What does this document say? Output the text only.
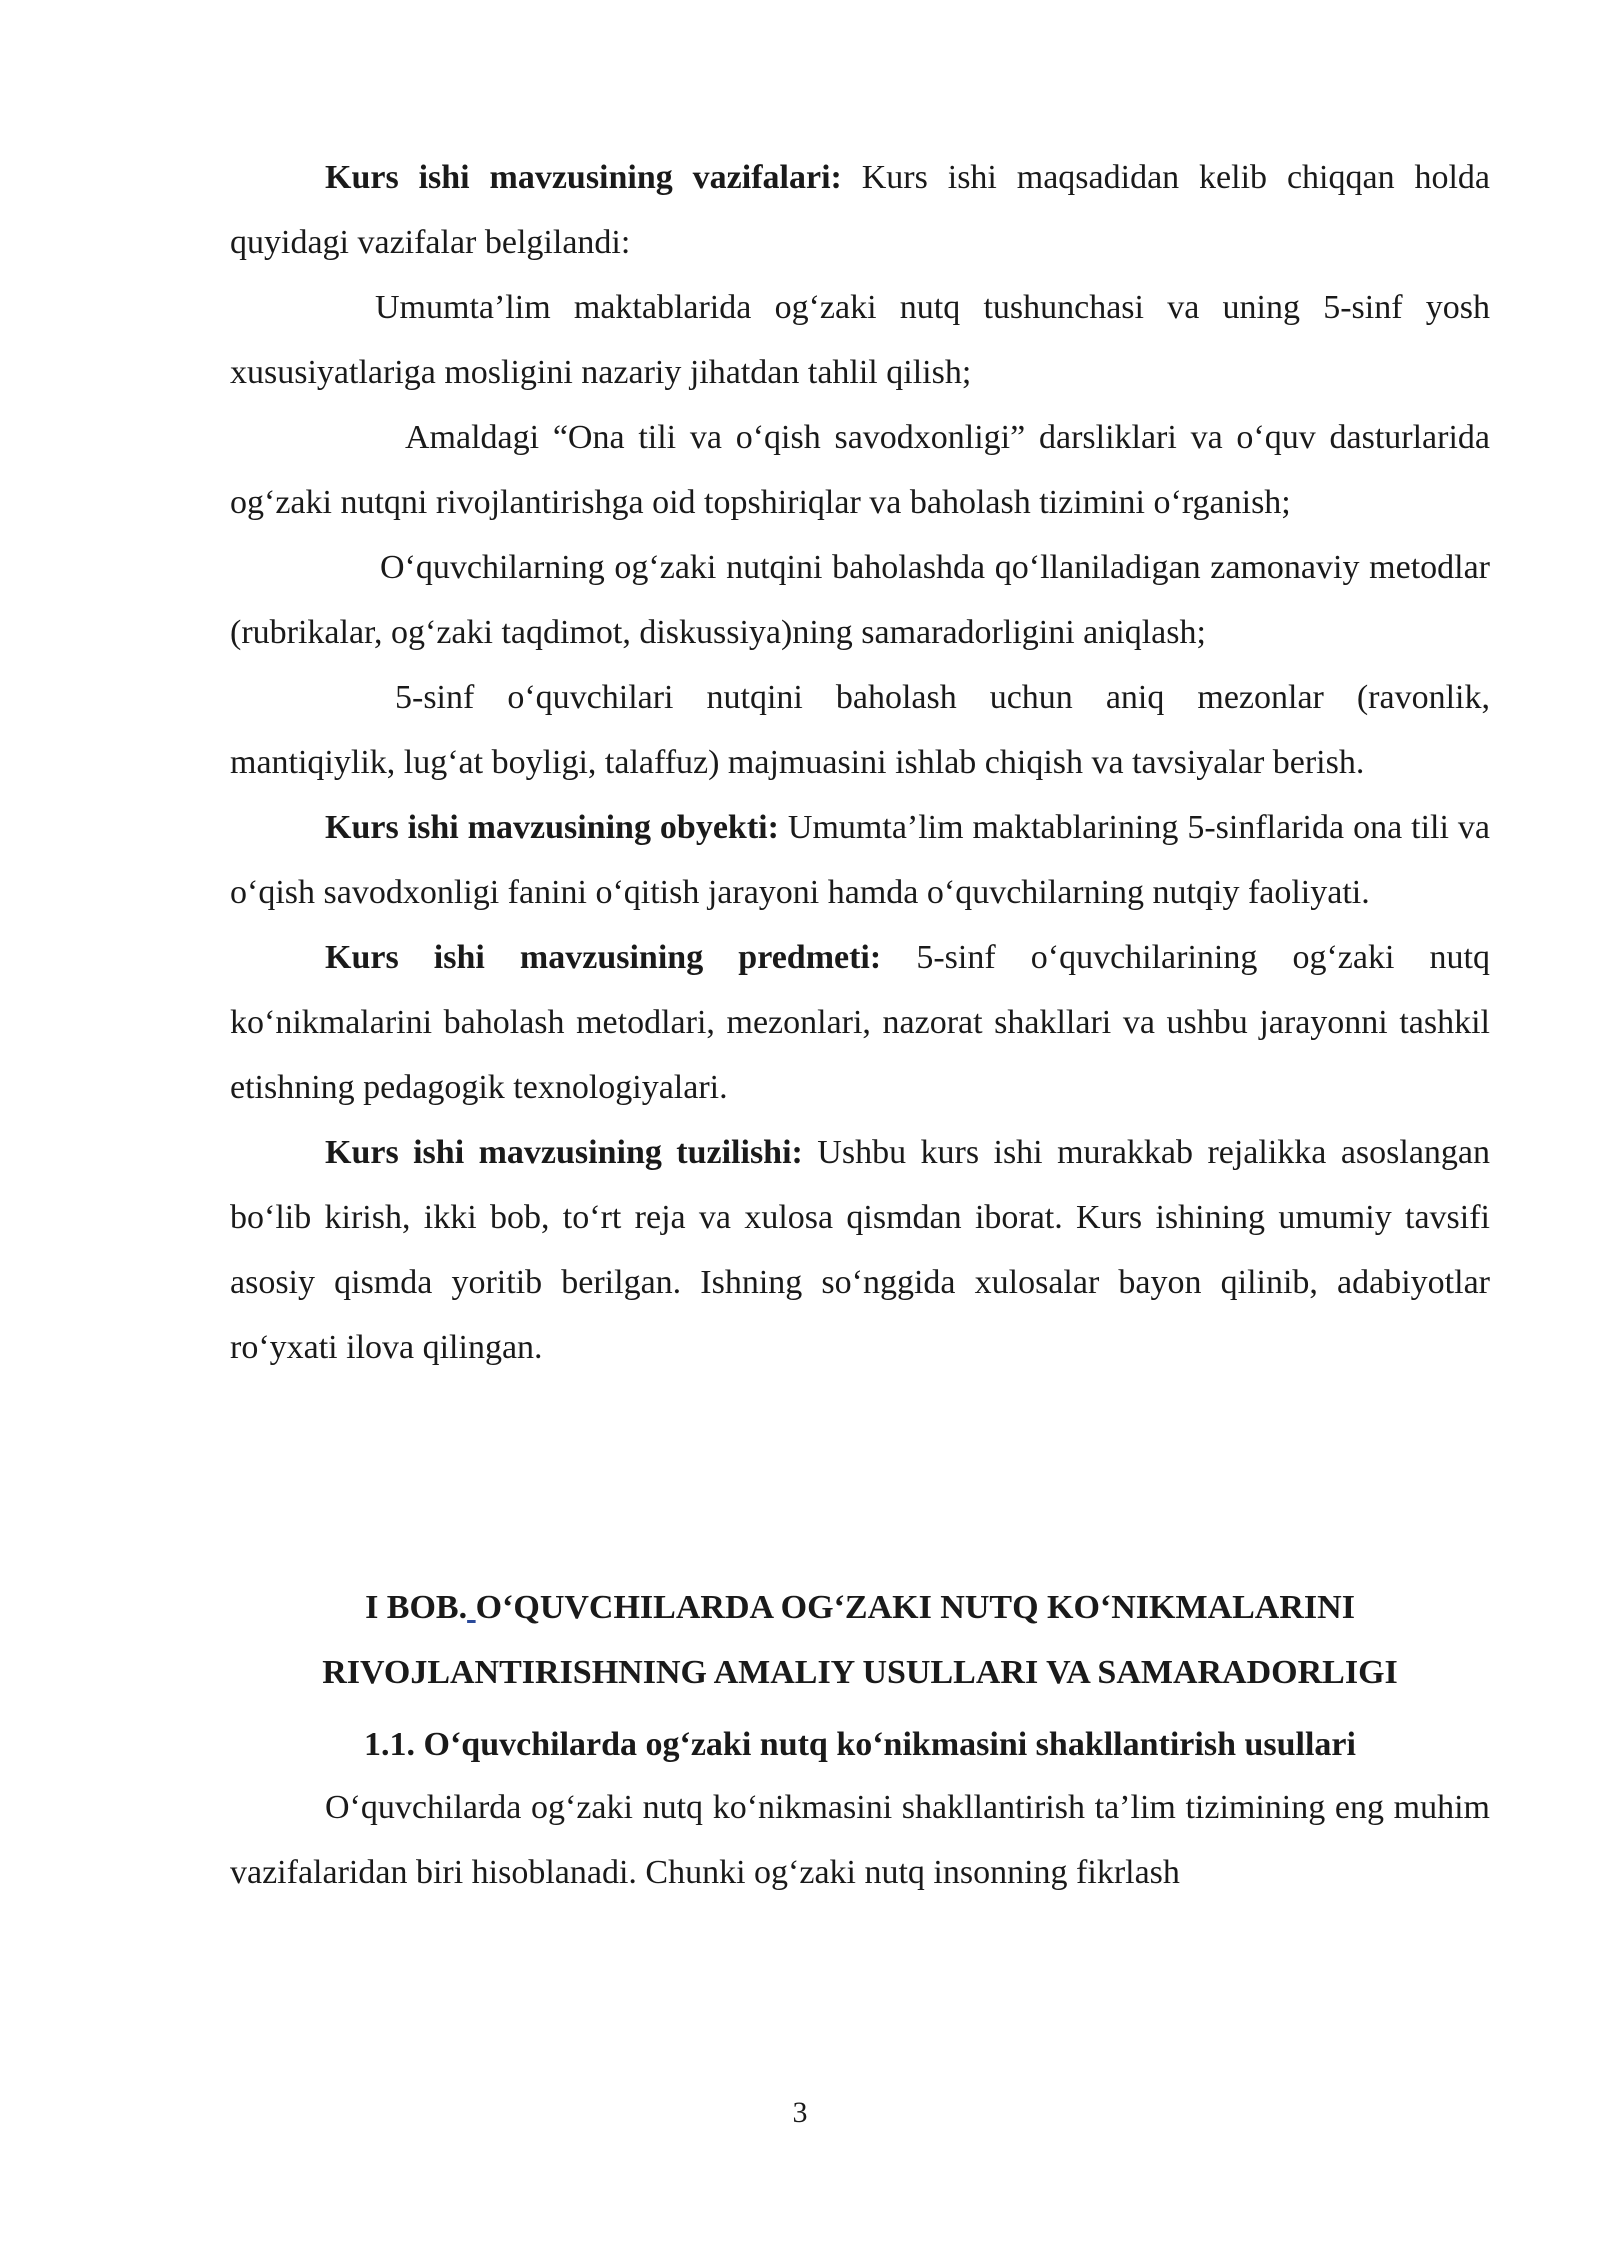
Kurs ishi mavzusining vazifalari: Kurs ishi maqsadidan kelib chiqqan holda quyidagi vazifalar belgilandi:

Umumta’lim maktablarida og‘zaki nutq tushunchasi va uning 5-sinf yosh xususiyatlariga mosligini nazariy jihatdan tahlil qilish;

Amaldagi “Ona tili va o‘qish savodxonligi” darsliklari va o‘quv dasturlarida og‘zaki nutqni rivojlantirishga oid topshiriqlar va baholash tizimini o‘rganish;

O‘quvchilarning og‘zaki nutqini baholashda qo‘llaniladigan zamonaviy metodlar (rubrikalar, og‘zaki taqdimot, diskussiya)ning samaradorligini aniqlash;

5-sinf o‘quvchilari nutqini baholash uchun aniq mezonlar (ravonlik, mantiqiylik, lug‘at boyligi, talaffuz) majmuasini ishlab chiqish va tavsiyalar berish.

Kurs ishi mavzusining obyekti: Umumta’lim maktablarining 5-sinflarida ona tili va o‘qish savodxonligi fanini o‘qitish jarayoni hamda o‘quvchilarning nutqiy faoliyati.

Kurs ishi mavzusining predmeti: 5-sinf o‘quvchilarining og‘zaki nutq ko‘nikmalarini baholash metodlari, mezonlari, nazorat shakllari va ushbu jarayonni tashkil etishning pedagogik texnologiyalari.

Kurs ishi mavzusining tuzilishi: Ushbu kurs ishi murakkab rejalikka asoslangan bo‘lib kirish, ikki bob, to‘rt reja va xulosa qismdan iborat. Kurs ishining umumiy tavsifi asosiy qismda yoritib berilgan. Ishning so‘nggida xulosalar bayon qilinib, adabiyotlar ro‘yxati ilova qilingan.

I BOB. O‘QUVCHILARDA OG‘ZAKI NUTQ KO‘NIKMALARINI
RIVOJLANTIRISHNING AMALIY USULLARI VA SAMARADORLIGI

1.1. O‘quvchilarda og‘zaki nutq ko‘nikmasini shakllantirish usullari

O‘quvchilarda og‘zaki nutq ko‘nikmasini shakllantirish ta’lim tizimining eng muhim vazifalaridan biri hisoblanadi. Chunki og‘zaki nutq insonning fikrlash

3
